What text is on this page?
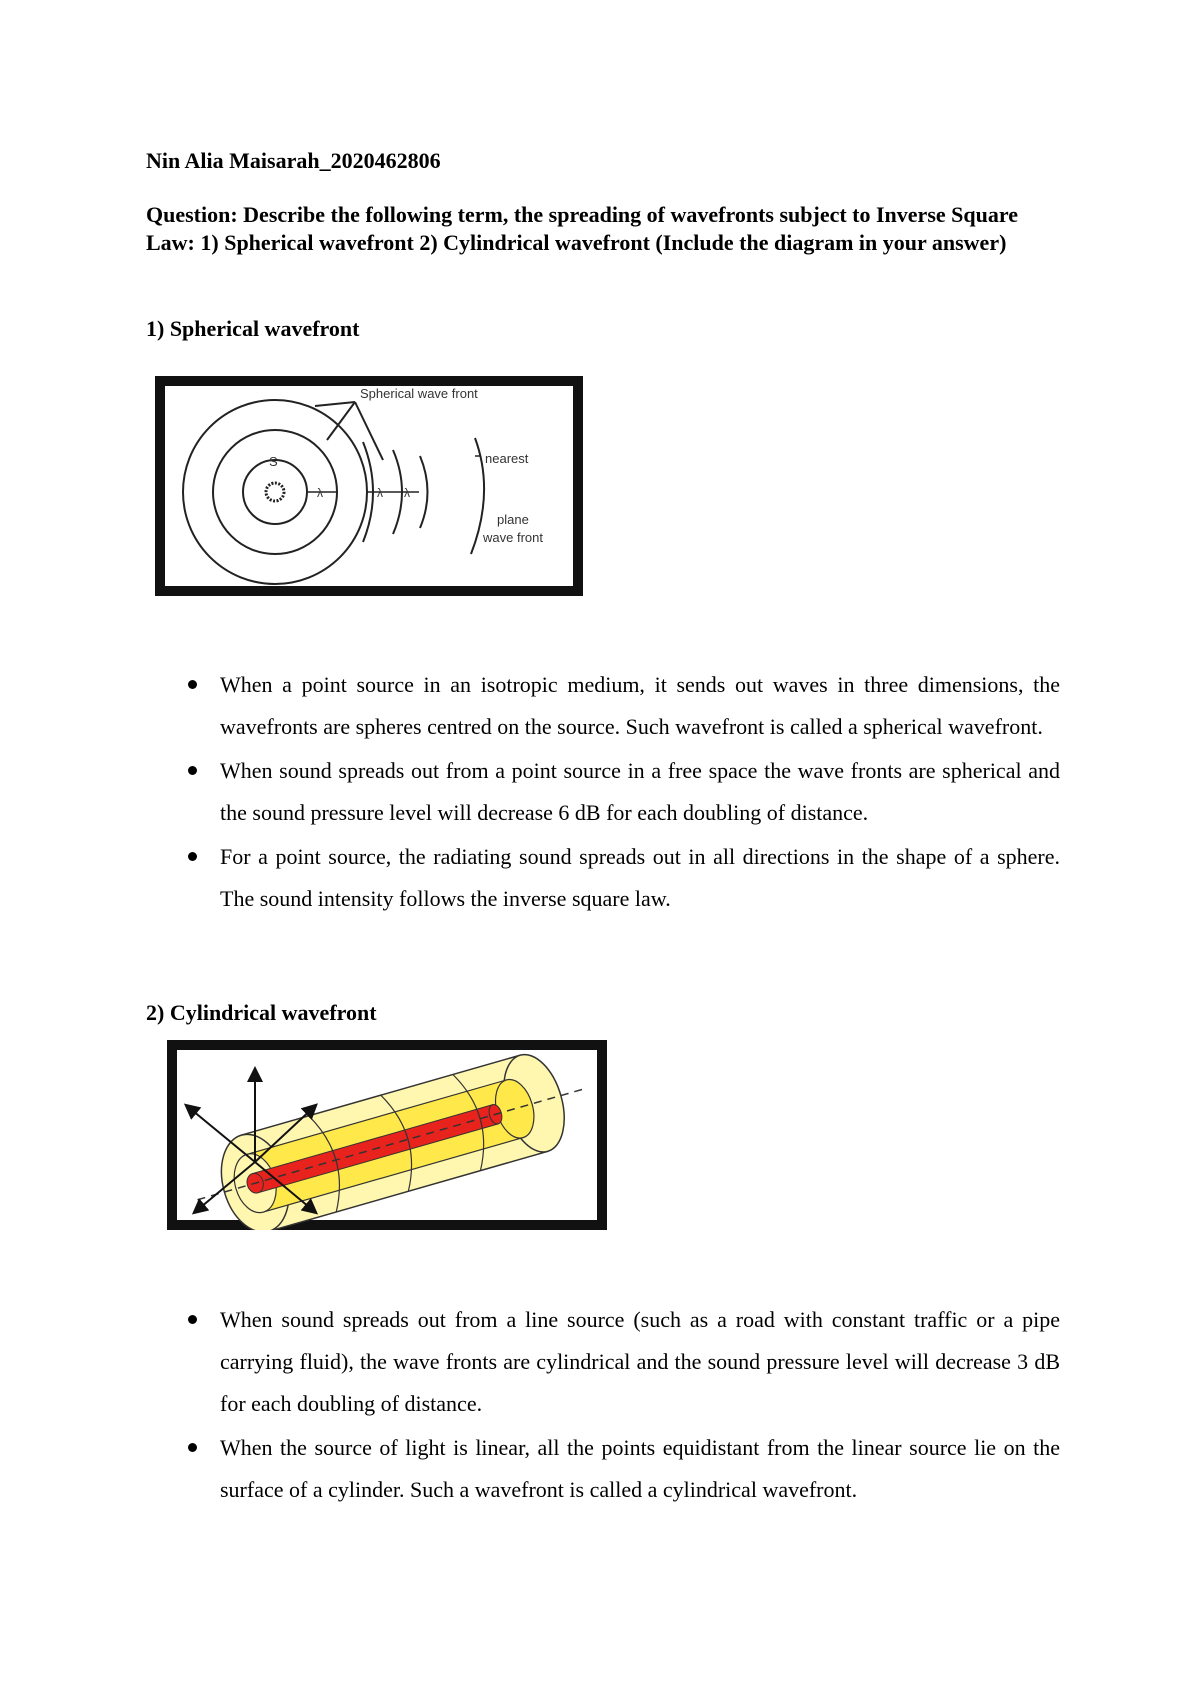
Nin Alia Maisarah_2020462806
Question: Describe the following term, the spreading of wavefronts subject to Inverse Square Law: 1) Spherical wavefront 2) Cylindrical wavefront (Include the diagram in your answer)
1) Spherical wavefront
Spherical wave front
S
λ	λ λ
nearest
plane
wave front
When a point source in an isotropic medium, it sends out waves in three dimensions, the wavefronts are spheres centred on the source. Such wavefront is called a spherical wavefront.
When sound spreads out from a point source in a free space the wave fronts are spherical and the sound pressure level will decrease 6 dB for each doubling of distance.
For a point source, the radiating sound spreads out in all directions in the shape of a sphere. The sound intensity follows the inverse square law.
2) Cylindrical wavefront
When sound spreads out from a line source (such as a road with constant traffic or a pipe carrying fluid), the wave fronts are cylindrical and the sound pressure level will decrease 3 dB for each doubling of distance.
When the source of light is linear, all the points equidistant from the linear source lie on the surface of a cylinder. Such a wavefront is called a cylindrical wavefront.
